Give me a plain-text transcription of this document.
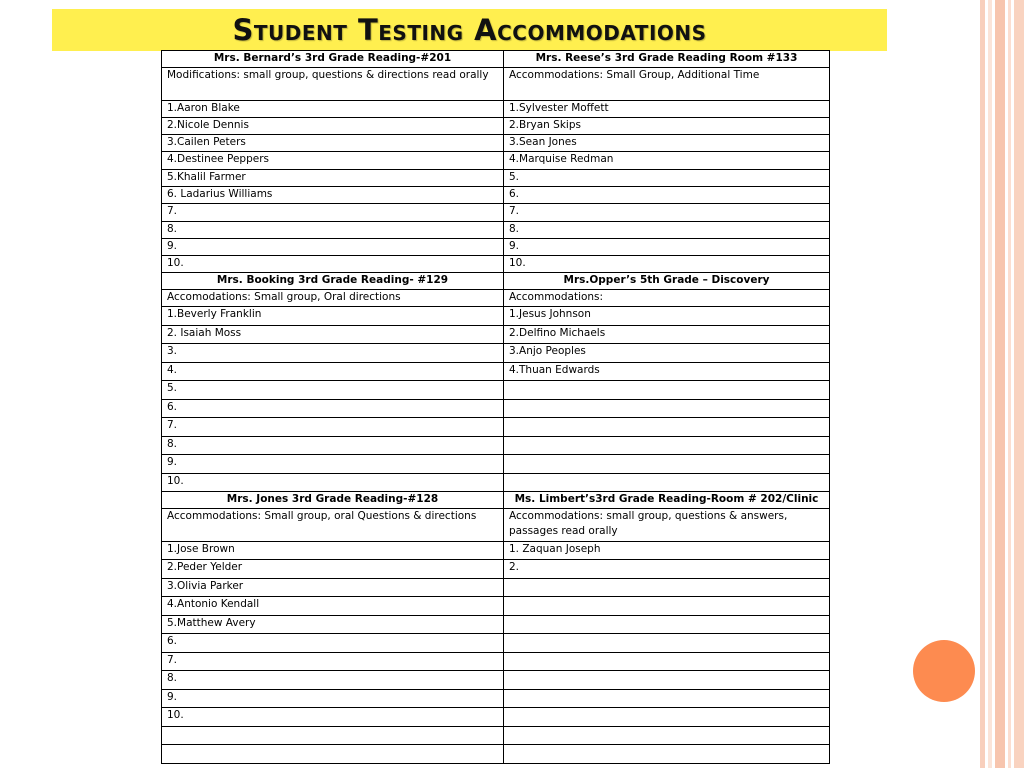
Student Testing Accommodations
Mrs. Bernard’s 3rd Grade Reading-#201	Mrs. Reese’s 3rd Grade Reading Room #133
Modifications: small group, questions & directions read orally	Accommodations: Small Group, Additional Time
1.Aaron Blake	1.Sylvester Moffett
2.Nicole Dennis	2.Bryan Skips
3.Cailen Peters	3.Sean Jones
4.Destinee Peppers	4.Marquise Redman
5.Khalil Farmer	5.
6. Ladarius Williams	6.
7.	7.
8.	8.
9.	9.
10.	10.
Mrs. Booking 3rd Grade Reading- #129	Mrs.Opper’s 5th Grade – Discovery
Accomodations: Small group, Oral directions	Accommodations:
1.Beverly Franklin	1.Jesus Johnson
2. Isaiah Moss	2.Delfino Michaels
3.	3.Anjo Peoples
4.	4.Thuan Edwards
5.	
6.	
7.	
8.	
9.	
10.	
Mrs. Jones 3rd Grade Reading-#128	Ms. Limbert’s3rd Grade Reading-Room # 202/Clinic
Accommodations: Small group, oral Questions & directions	Accommodations: small group, questions & answers, passages read orally
1.Jose Brown	1. Zaquan Joseph
2.Peder Yelder	2.
3.Olivia Parker	
4.Antonio Kendall	
5.Matthew Avery	
6.	
7.	
8.	
9.	
10.	
